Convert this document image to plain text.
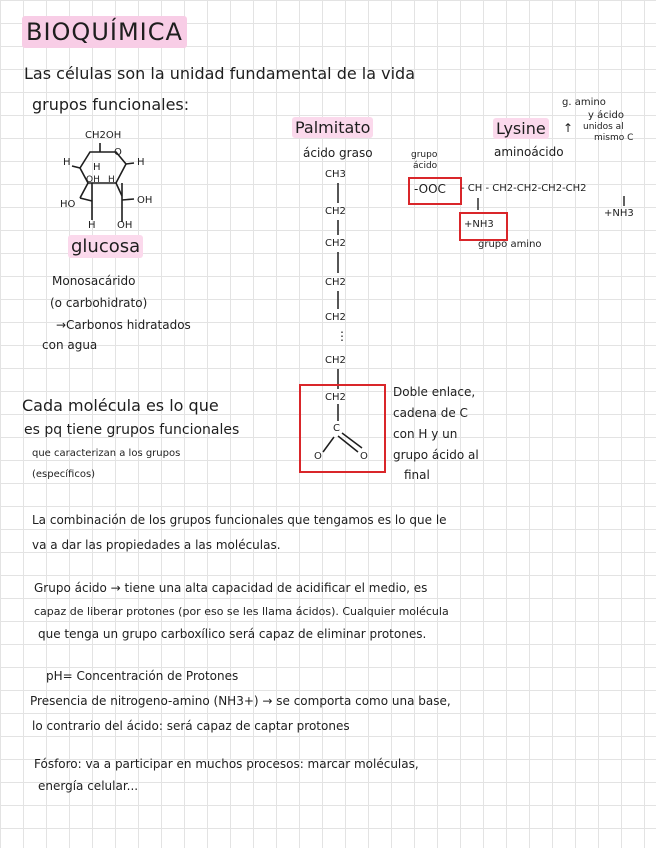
BIOQUÍMICA
Las células son la unidad fundamental de la vida
grupos funcionales:
CH2OH
H
O
H
OH H
H
HO	OH
H OH
glucosa
Monosacárido
(o carbohidrato)
→Carbonos hidratados
con agua
Palmitato
ácido graso
CH3
CH2
CH2
CH2
CH2
⋮
CH2
CH2
C
O	O
Doble enlace,
cadena de C
con H y un
grupo ácido al
final
Lysine
aminoácido
g. amino
y ácido
unidos al
mismo C
↑
grupo
ácido
-OOC - CH - CH2-CH2-CH2-CH2
+NH3
+NH3
grupo amino
Cada molécula es lo que
es pq tiene grupos funcionales
que caracterizan a los grupos
(específicos)
La combinación de los grupos funcionales que tengamos es lo que le
va a dar las propiedades a las moléculas.
Grupo ácido → tiene una alta capacidad de acidificar el medio, es
capaz de liberar protones (por eso se les llama ácidos). Cualquier molécula
que tenga un grupo carboxílico será capaz de eliminar protones.
pH= Concentración de Protones
Presencia de nitrogeno-amino (NH3+) → se comporta como una base,
lo contrario del ácido: será capaz de captar protones
Fósforo: va a participar en muchos procesos: marcar moléculas,
energía celular...
